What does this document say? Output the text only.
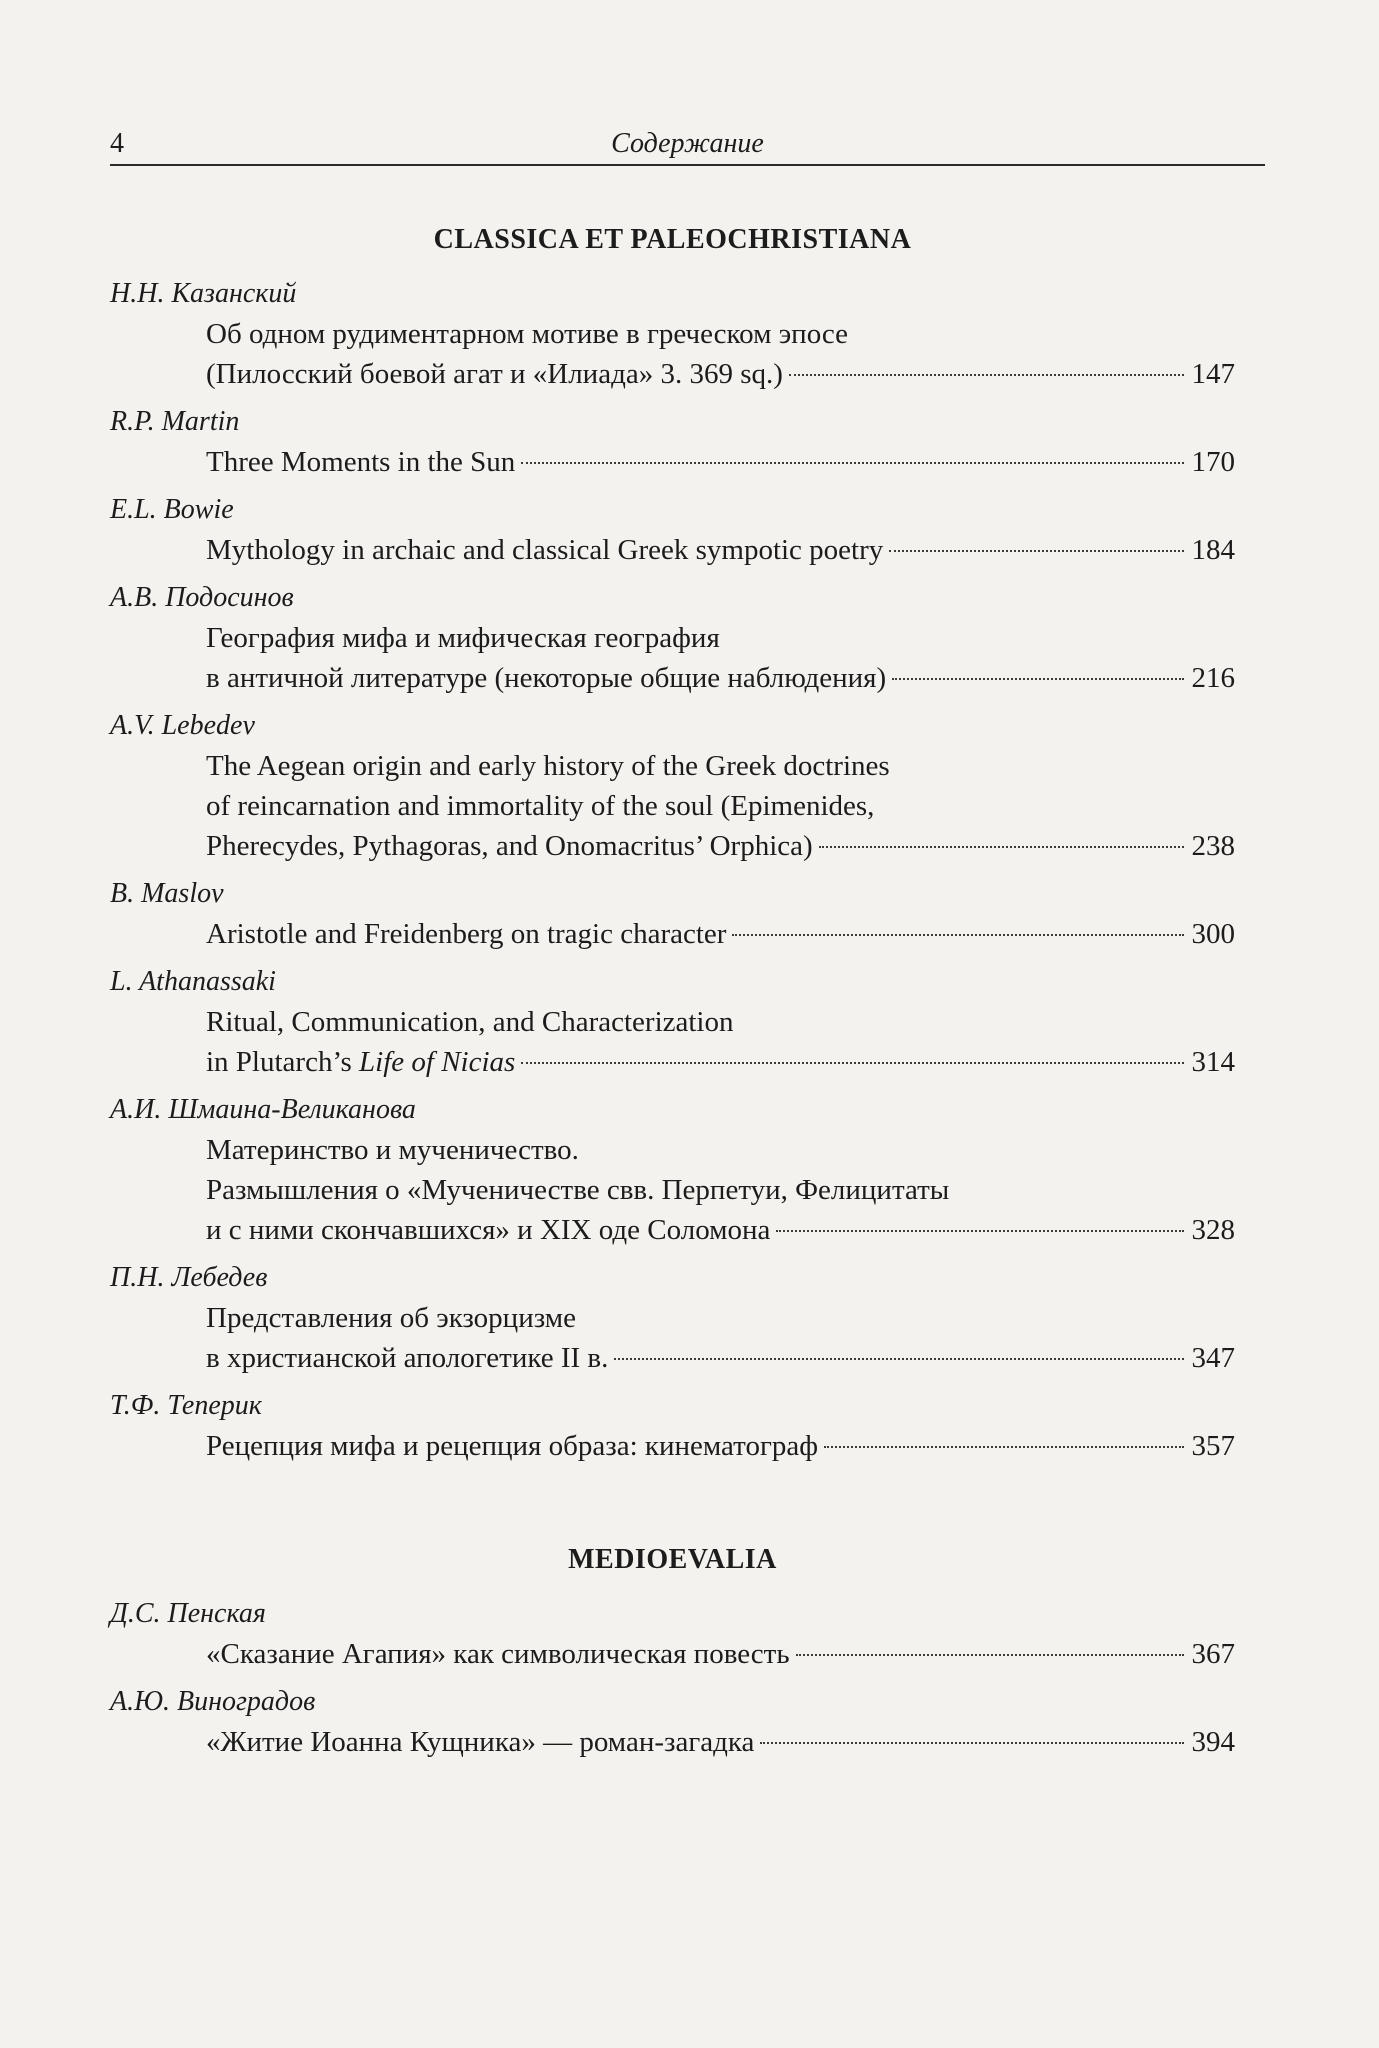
4	Содержание
CLASSICA ET PALEOCHRISTIANA
Н.Н. Казанский
Об одном рудиментарном мотиве в греческом эпосе
(Пилосский боевой агат и «Илиада» 3. 369 sq.)	147
R.P. Martin
Three Moments in the Sun	170
E.L. Bowie
Mythology in archaic and classical Greek sympotic poetry	184
А.В. Подосинов
География мифа и мифическая география
в античной литературе (некоторые общие наблюдения)	216
A.V. Lebedev
The Aegean origin and early history of the Greek doctrines
of reincarnation and immortality of the soul (Epimenides,
Pherecydes, Pythagoras, and Onomacritus’ Orphica)	238
B. Maslov
Aristotle and Freidenberg on tragic character	300
L. Athanassaki
Ritual, Communication, and Characterization
in Plutarch’s Life of Nicias	314
А.И. Шмаина-Великанова
Материнство и мученичество.
Размышления о «Мученичестве свв. Перпетуи, Фелицитаты
и с ними скончавшихся» и XIX оде Соломона	328
П.Н. Лебедев
Представления об экзорцизме
в христианской апологетике II в.	347
Т.Ф. Теперик
Рецепция мифа и рецепция образа: кинематограф	357
MEDIOEVALIA
Д.С. Пенская
«Сказание Агапия» как символическая повесть	367
А.Ю. Виноградов
«Житие Иоанна Кущника» — роман-загадка	394
